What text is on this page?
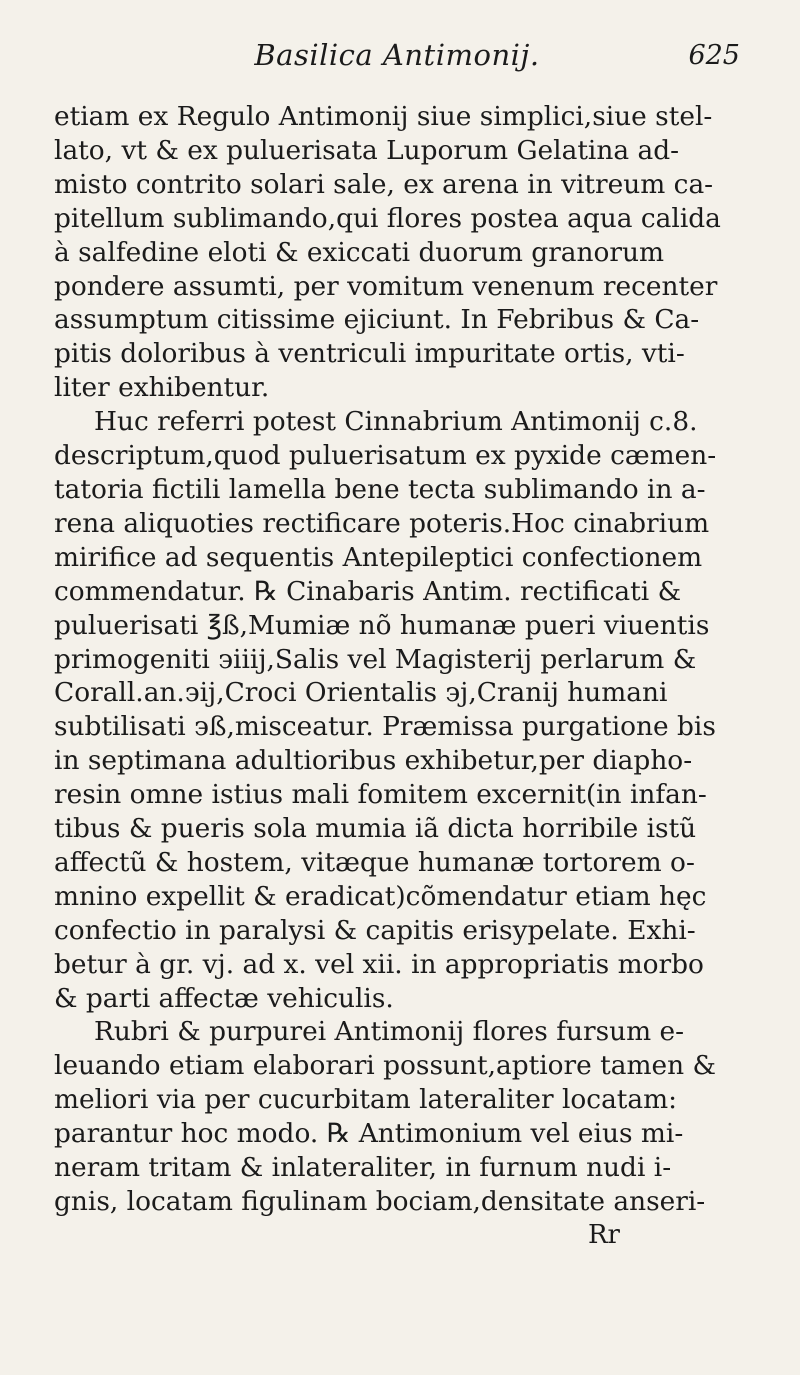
Basilica Antimonij.	625
etiam ex Regulo Antimonij siue simplici,siue stel-
lato, vt & ex puluerisata Luporum Gelatina ad-
misto contrito solari sale, ex arena in vitreum ca-
pitellum sublimando,qui flores postea aqua calida
à salfedine eloti & exiccati duorum granorum
pondere assumti, per vomitum venenum recenter
assumptum citissime ejiciunt. In Febribus & Ca-
pitis doloribus à ventriculi impuritate ortis, vti-
liter exhibentur.
Huc referri potest Cinnabrium Antimonij c.8.
descriptum,quod puluerisatum ex pyxide cæmen-
tatoria fictili lamella bene tecta sublimando in a-
rena aliquoties rectificare poteris.Hoc cinabrium
mirifice ad sequentis Antepileptici confectionem
commendatur. ℞ Cinabaris Antim. rectificati &
puluerisati ℥ß,Mumiæ nõ humanæ pueri viuentis
primogeniti ϶iiij,Salis vel Magisterij perlarum &
Corall.an.϶ij,Croci Orientalis ϶j,Cranij humani
subtilisati ϶ß,misceatur. Præmissa purgatione bis
in septimana adultioribus exhibetur,per diapho-
resin omne istius mali fomitem excernit(in infan-
tibus & pueris sola mumia iã dicta horribile istũ
affectũ & hostem, vitæque humanæ tortorem o-
mnino expellit & eradicat)cõmendatur etiam hęc
confectio in paralysi & capitis erisypelate. Exhi-
betur à gr. vj. ad x. vel xii. in appropriatis morbo
& parti affectæ vehiculis.
Rubri & purpurei Antimonij flores fursum e-
leuando etiam elaborari possunt,aptiore tamen &
meliori via per cucurbitam lateraliter locatam:
parantur hoc modo. ℞ Antimonium vel eius mi-
neram tritam & inlateraliter, in furnum nudi i-
gnis, locatam figulinam bociam,densitate anseri-
Rr
